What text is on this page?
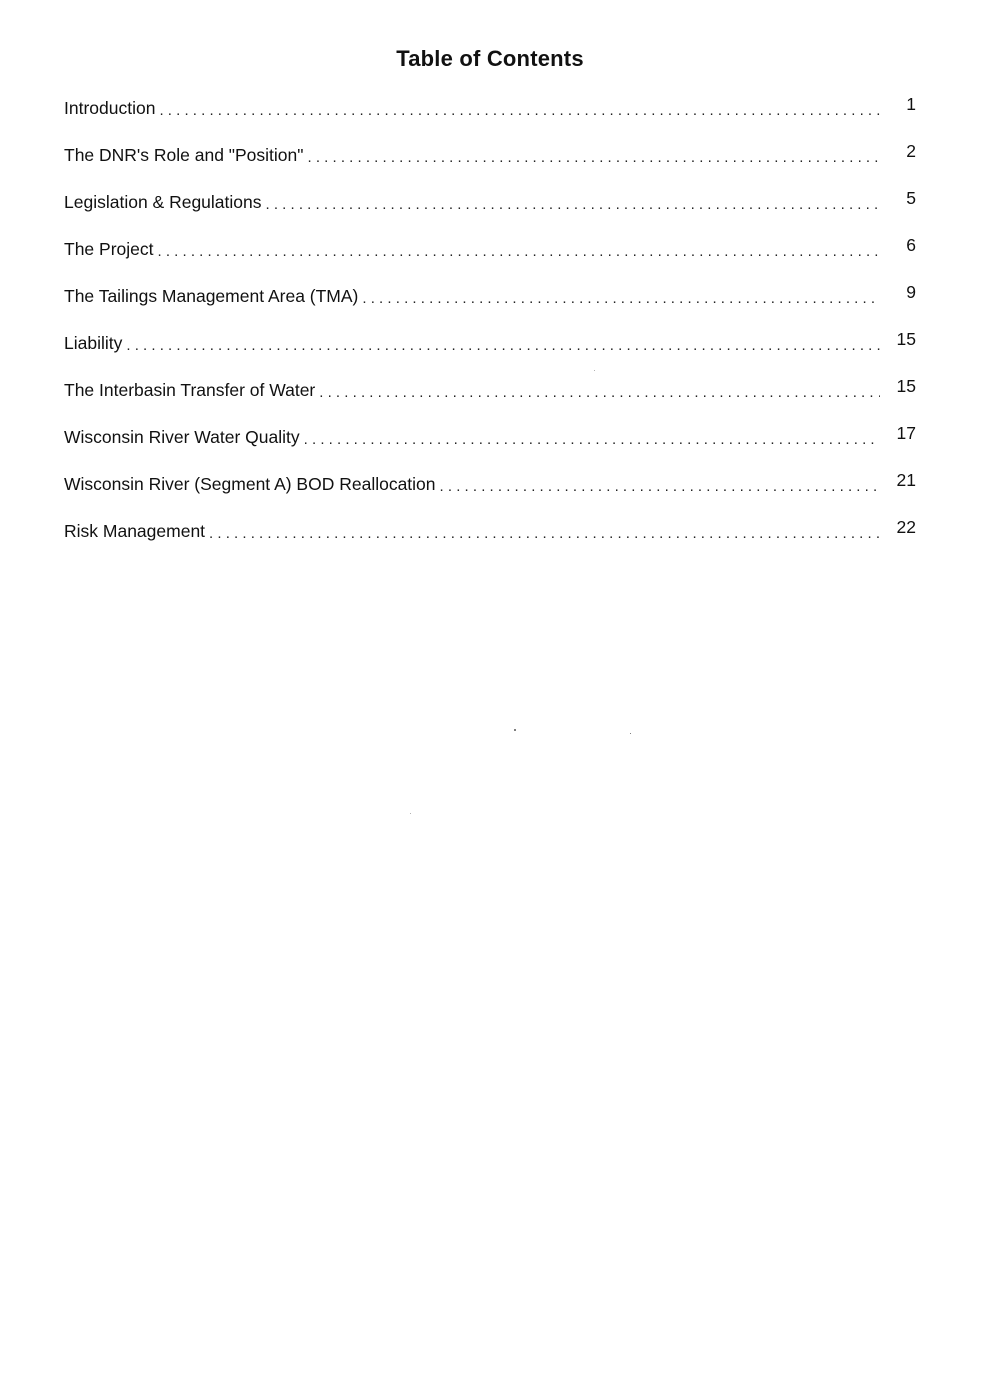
Table of Contents
Introduction . . .	1
The DNR's Role and "Position" . . .	2
Legislation & Regulations . . .	5
The Project . . .	6
The Tailings Management Area (TMA) . . .	9
Liability . . .	15
The Interbasin Transfer of Water . . .	15
Wisconsin River Water Quality . . .	17
Wisconsin River (Segment A) BOD Reallocation . . .	21
Risk Management . . .	22
